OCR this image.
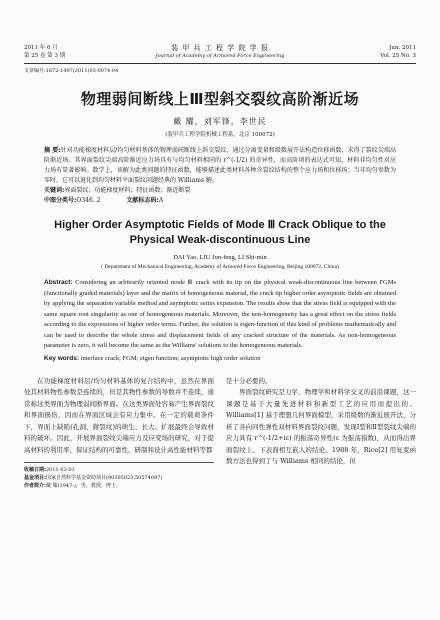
2011 年 6 月
第 25 卷 第 3 期
装 甲 兵 工 程 学 院 学 报
Journal of Academy of Armored Force Engineering
Jun. 2011
Vol. 25 No. 3
文章编号:1672-1497(2011)03-0074-04
物理弱间断线上Ⅲ型斜交裂纹高阶渐近场
戴 耀，刘军锋，李世民
(装甲兵工程学院机械工程系，北京 100072)
摘 要:针对功能梯度材料层/均匀材料基体的物理弱间断线上斜交裂纹，通过分离变量和级数展开法构造位移函数，求得了裂纹尖端高阶渐近场。其界面裂纹尖端高阶渐近应力场具有与均匀材料相同的 r^(-1/2) 的奇异性，而高阶项的表达式可知，材料非均匀性对应力场有显著影响。数学上，该解为此类问题的特征函数，能够描述此类材料各种含裂纹结构的整个应力场和位移场；当非均匀参数为零时，它可以退化到均匀材料平面裂纹问题经典的 Williams 解。
关键词:界面裂纹；功能梯度材料；特征函数；渐近断裂
中图分类号:O346. 2	文献标志码:A
Higher Order Asymptotic Fields of Mode Ⅲ Crack Oblique to the
Physical Weak-discontinuous Line
DAI Yao, LIU Jun-feng, LI Shi-min
( Department of Mechanical Engineering, Academy of Armored Force Engineering, Beijing 100072, China)
Abstract: Considering an arbitrarily oriented mode Ⅲ crack with its tip on the physical weak-discontinuous line between FGMs (functionally graded materials) layer and the matrix of homogeneous material, the crack tip higher order asymptotic fields are obtained by applying the separation variable method and asymptotic series expansion. The results show that the stress field is equipped with the same square root singularity as one of homogeneous materials. Moreover, the non-homogeneity has a great effect on the stress fields according to the expressions of higher order terms. Further, the solution is eigen-function of this kind of problems mathematically and can be used to describe the whole stress and displacement fields of any cracked structure of the materials. As non-homogeneous parameter is zero, it will become the same as the Williams' solutions to the homogeneous materials.
Key words: interface crack; FGM; eigen function; asymptotic high order solution

在功能梯度材料层/均匀材料基体的复合结构中，虽然在界面处其材料物性参数是连续的，但是其物性参数的导数并不连续，通常称这类界面为物理弱间断界面。在这类界面处容易产生界面裂纹和界面损伤，因而在界面区域会有应力集中。在一定的载荷条件下，界面上缺陷(孔洞、微裂纹)的萌生、长大、扩展最终会导致材料的破坏。因此，开展界面裂纹尖端应力及应变场的研究，对于提高材料的利用率，保证结构的可靠性、研制和设计高性能材料等都

收稿日期:2011-03-01
基金项目:国家自然科学基金资助项目(90305023,50574097)
作者简介:戴 耀(1947-)，男，教授，博士。
是十分必要的。

界面裂纹研究是力学、物理学和材料学交叉的前沿课题，这一课题是基于大量先进材料和新型工艺的应用而提出的。Williams[1] 基于理想几何界面模型，采用级数的渐近展开法，分析了各向同性弹性双材料界面裂纹问题，发现Ⅰ型和Ⅱ型裂纹尖端的应力具有 r^(-1/2+iε) 的振荡奇异性(ε 为振荡指数)，从而得出界面裂纹上、下表面相互嵌入的结论。1988 年，Rice[2] 用复变函数方法也得到了与 Williams 相同的结论，但
